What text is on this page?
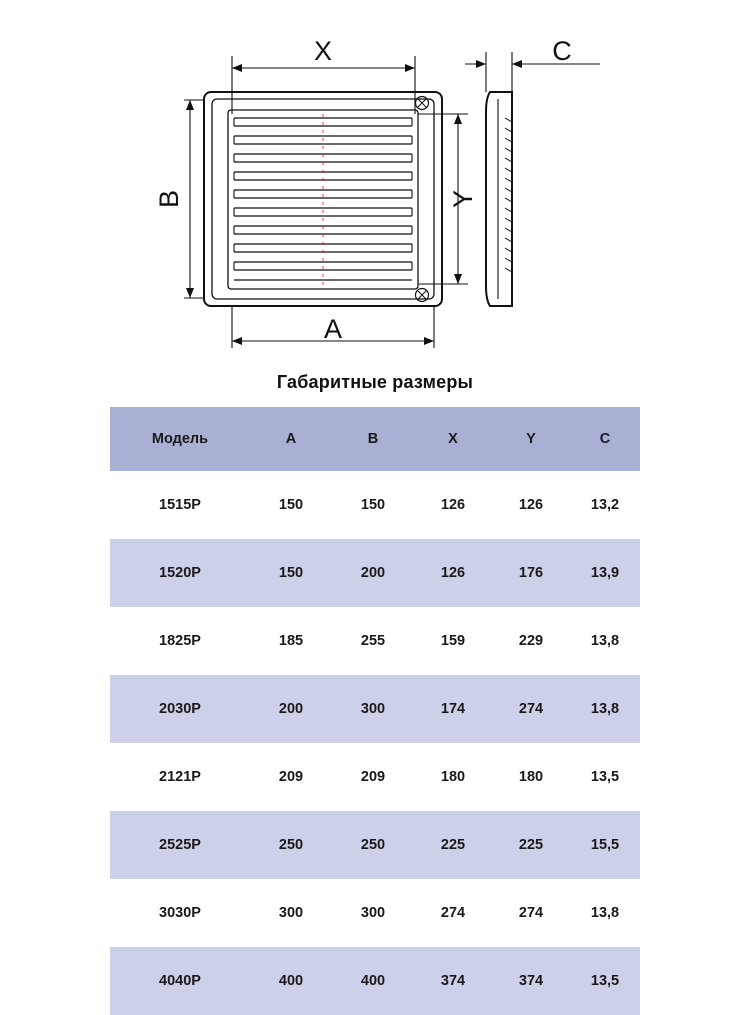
X
A
B	Y
C
Габаритные размеры
Модель	A	B	X	Y	C
1515Р	150	150	126	126	13,2
1520Р	150	200	126	176	13,9
1825Р	185	255	159	229	13,8
2030Р	200	300	174	274	13,8
2121Р	209	209	180	180	13,5
2525Р	250	250	225	225	15,5
3030Р	300	300	274	274	13,8
4040Р	400	400	374	374	13,5
